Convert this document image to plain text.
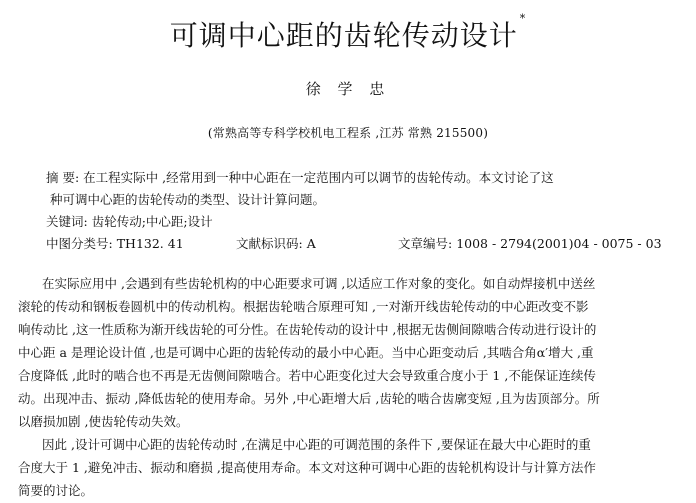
可调中心距的齿轮传动设计*
徐 学 忠
(常熟高等专科学校机电工程系 ,江苏 常熟 215500)
摘 要: 在工程实际中 ,经常用到一种中心距在一定范围内可以调节的齿轮传动。本文讨论了这
种可调中心距的齿轮传动的类型、设计计算问题。
关键词: 齿轮传动;中心距;设计
中图分类号: TH132. 41	文献标识码: A	文章编号: 1008 - 2794(2001)04 - 0075 - 03
在实际应用中 ,会遇到有些齿轮机构的中心距要求可调 ,以适应工作对象的变化。如自动焊接机中送丝
滚轮的传动和钢板卷圆机中的传动机构。根据齿轮啮合原理可知 ,一对渐开线齿轮传动的中心距改变不影
响传动比 ,这一性质称为渐开线齿轮的可分性。在齿轮传动的设计中 ,根据无齿侧间隙啮合传动进行设计的
中心距 a 是理论设计值 ,也是可调中心距的齿轮传动的最小中心距。当中心距变动后 ,其啮合角α′增大 ,重
合度降低 ,此时的啮合也不再是无齿侧间隙啮合。若中心距变化过大会导致重合度小于 1 ,不能保证连续传
动。出现冲击、振动 ,降低齿轮的使用寿命。另外 ,中心距增大后 ,齿轮的啮合齿廓变短 ,且为齿顶部分。所
以磨损加剧 ,使齿轮传动失效。
因此 ,设计可调中心距的齿轮传动时 ,在满足中心距的可调范围的条件下 ,要保证在最大中心距时的重
合度大于 1 ,避免冲击、振动和磨损 ,提高使用寿命。本文对这种可调中心距的齿轮机构设计与计算方法作
简要的讨论。
